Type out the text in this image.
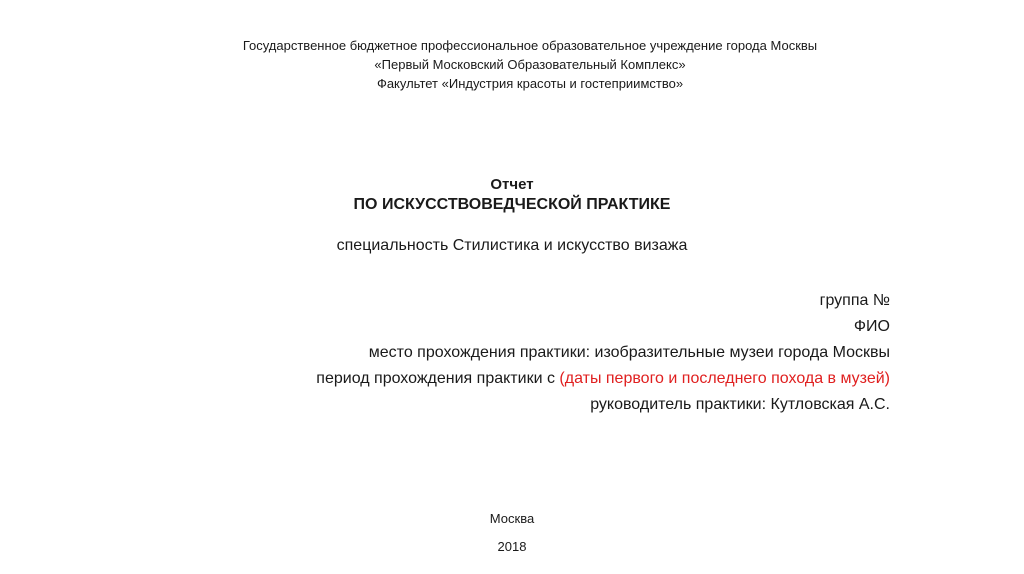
Государственное бюджетное профессиональное образовательное учреждение города Москвы
«Первый Московский Образовательный Комплекс»
Факультет «Индустрия красоты и гостеприимство»
Отчет
ПО ИСКУССТВОВЕДЧЕСКОЙ ПРАКТИКЕ
специальность Стилистика и искусство визажа
группа №
ФИО
место прохождения практики: изобразительные музеи города Москвы
период прохождения практики с (даты первого и последнего похода в музей)
руководитель практики: Кутловская А.С.
Москва
2018
